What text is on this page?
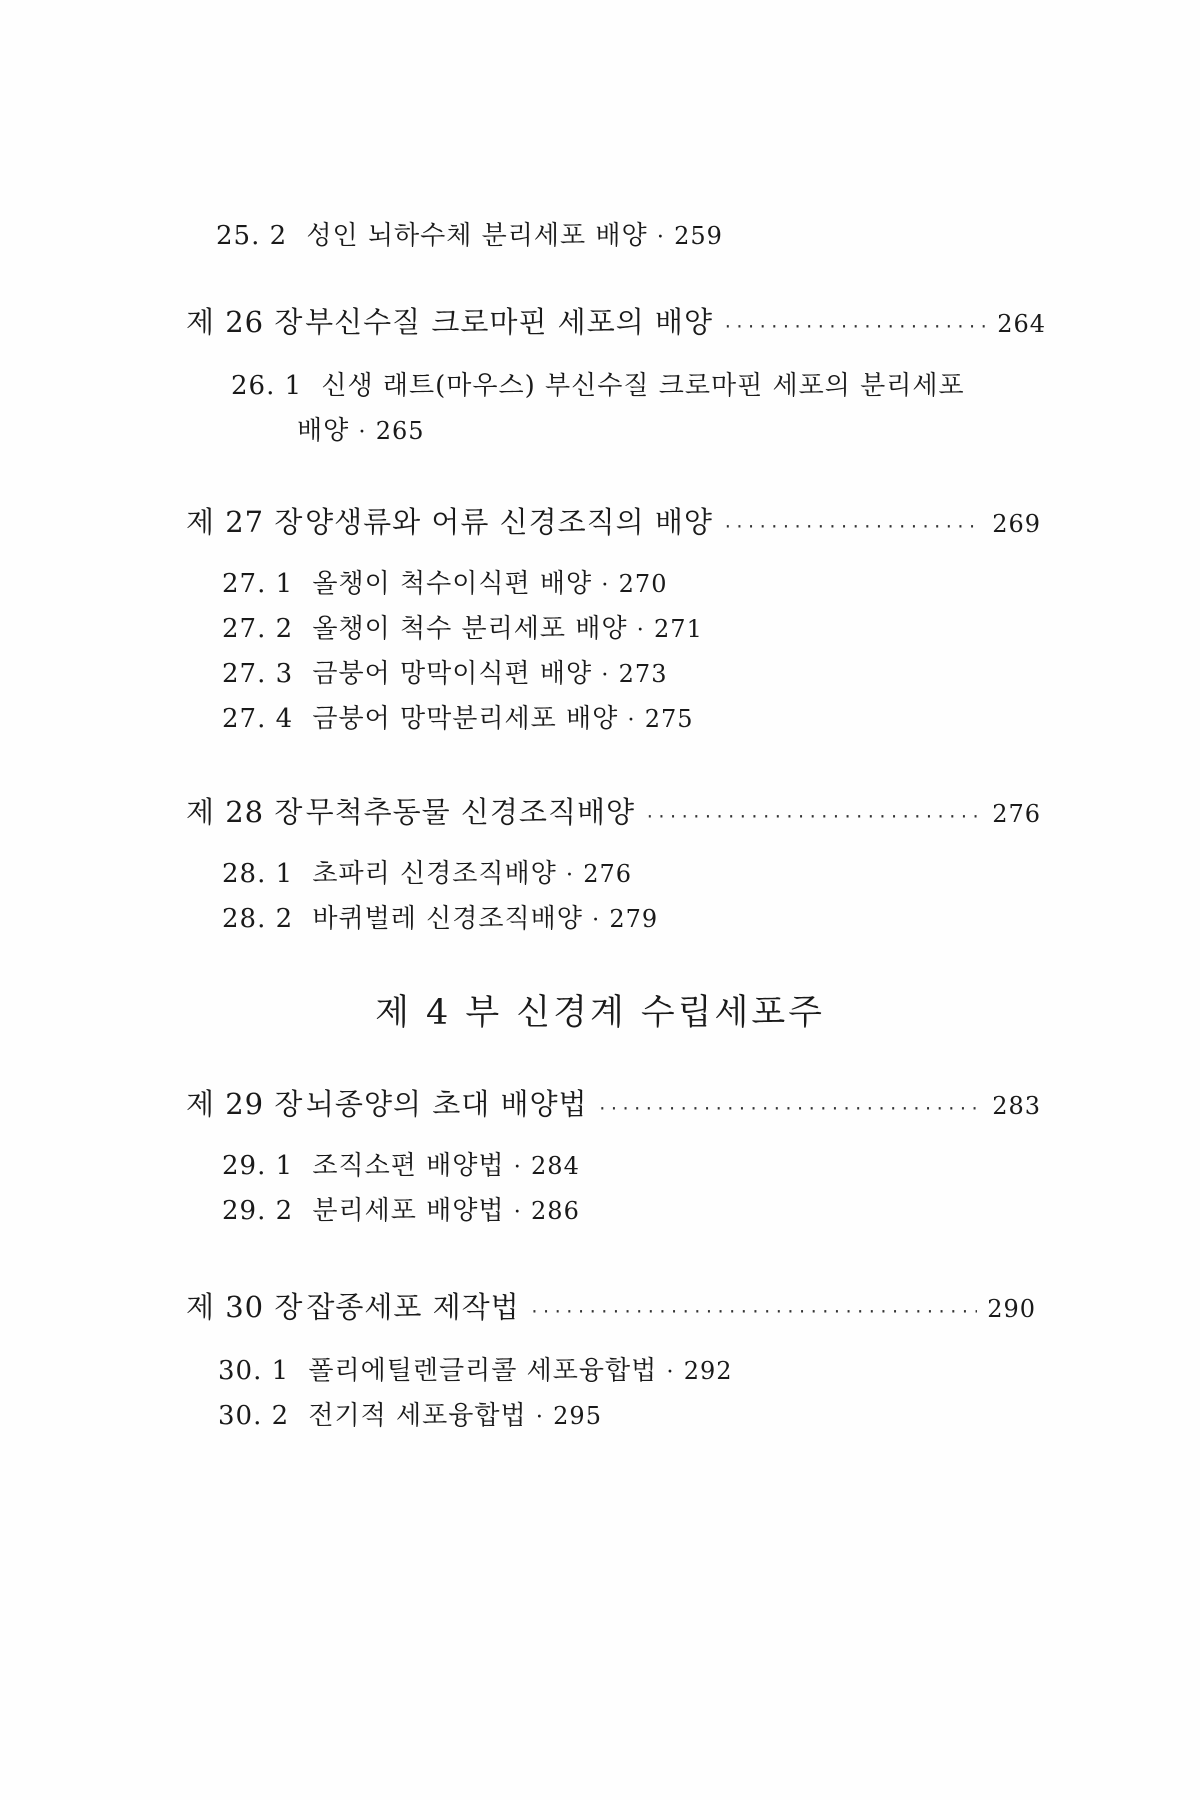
25. 2 성인 뇌하수체 분리세포 배양 · 259
제 26 장 부신수질 크로마핀 세포의 배양 ·····	264
26. 1 신생 래트(마우스) 부신수질 크로마핀 세포의 분리세포
배양 · 265
제 27 장 양생류와 어류 신경조직의 배양 ·····	269
27. 1 올챙이 척수이식편 배양 · 270
27. 2 올챙이 척수 분리세포 배양 · 271
27. 3 금붕어 망막이식편 배양 · 273
27. 4 금붕어 망막분리세포 배양 · 275
제 28 장 무척추동물 신경조직배양 ·····	276
28. 1 초파리 신경조직배양 · 276
28. 2 바퀴벌레 신경조직배양 · 279
제 4 부 신경계 수립세포주
제 29 장 뇌종양의 초대 배양법 ·····	283
29. 1 조직소편 배양법 · 284
29. 2 분리세포 배양법 · 286
제 30 장 잡종세포 제작법 ·····	290
30. 1 폴리에틸렌글리콜 세포융합법 · 292
30. 2 전기적 세포융합법 · 295
